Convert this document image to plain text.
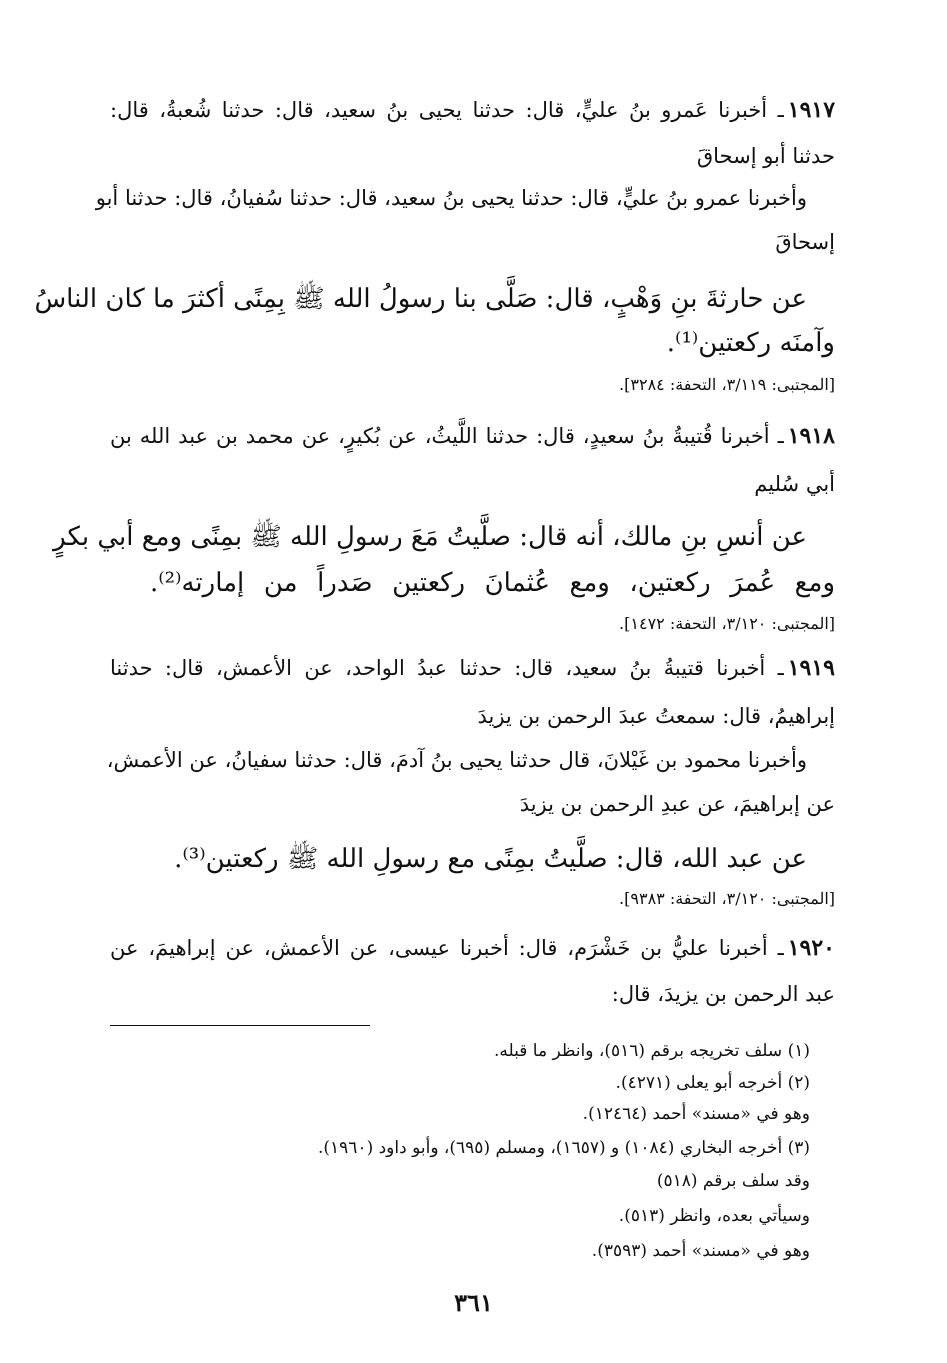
١٩١٧ـ أخبرنا عَمرو بنُ عليٍّ، قال: حدثنا يحيى بنُ سعيد، قال: حدثنا شُعبةُ، قال:
حدثنا أبو إسحاقَ
وأخبرنا عمرو بنُ عليٍّ، قال: حدثنا يحيى بنُ سعيد، قال: حدثنا سُفيانُ، قال: حدثنا أبو
إسحاقَ
عن حارثةَ بنِ وَهْبٍ، قال: صَلَّى بنا رسولُ الله ﷺ بِمِنًى أكثرَ ما كان الناسُ
وآمنَه ركعتين⁽¹⁾.
[المجتبى: ٣/١١٩، التحفة: ٣٢٨٤].
١٩١٨ـ أخبرنا قُتيبةُ بنُ سعيدٍ، قال: حدثنا اللَّيثُ، عن بُكيرٍ، عن محمد بن عبد الله بن
أبي سُليم
عن أنسِ بنِ مالك، أنه قال: صلَّيتُ مَعَ رسولِ الله ﷺ بمِنًى ومع أبي بكرٍ
ومع عُمرَ ركعتين، ومع عُثمانَ ركعتين صَدراً من إمارته⁽²⁾.
[المجتبى: ٣/١٢٠، التحفة: ١٤٧٢].
١٩١٩ـ أخبرنا قتيبةُ بنُ سعيد، قال: حدثنا عبدُ الواحد، عن الأعمش، قال: حدثنا
إبراهيمُ، قال: سمعتُ عبدَ الرحمن بن يزيدَ
وأخبرنا محمود بن غَيْلانَ، قال حدثنا يحيى بنُ آدمَ، قال: حدثنا سفيانُ، عن الأعمش،
عن إبراهيمَ، عن عبدِ الرحمن بن يزيدَ
عن عبد الله، قال: صلَّيتُ بمِنًى مع رسولِ الله ﷺ ركعتين⁽³⁾.
[المجتبى: ٣/١٢٠، التحفة: ٩٣٨٣].
١٩٢٠ـ أخبرنا عليُّ بن خَشْرَم، قال: أخبرنا عيسى، عن الأعمش، عن إبراهيمَ، عن
عبد الرحمن بن يزيدَ، قال:
(١) سلف تخريجه برقم (٥١٦)، وانظر ما قبله.
(٢) أخرجه أبو يعلى (٤٢٧١).
وهو في «مسند» أحمد (١٢٤٦٤).
(٣) أخرجه البخاري (١٠٨٤) و (١٦٥٧)، ومسلم (٦٩٥)، وأبو داود (١٩٦٠).
وقد سلف برقم (٥١٨)
وسيأتي بعده، وانظر (٥١٣).
وهو في «مسند» أحمد (٣٥٩٣).
٣٦١
